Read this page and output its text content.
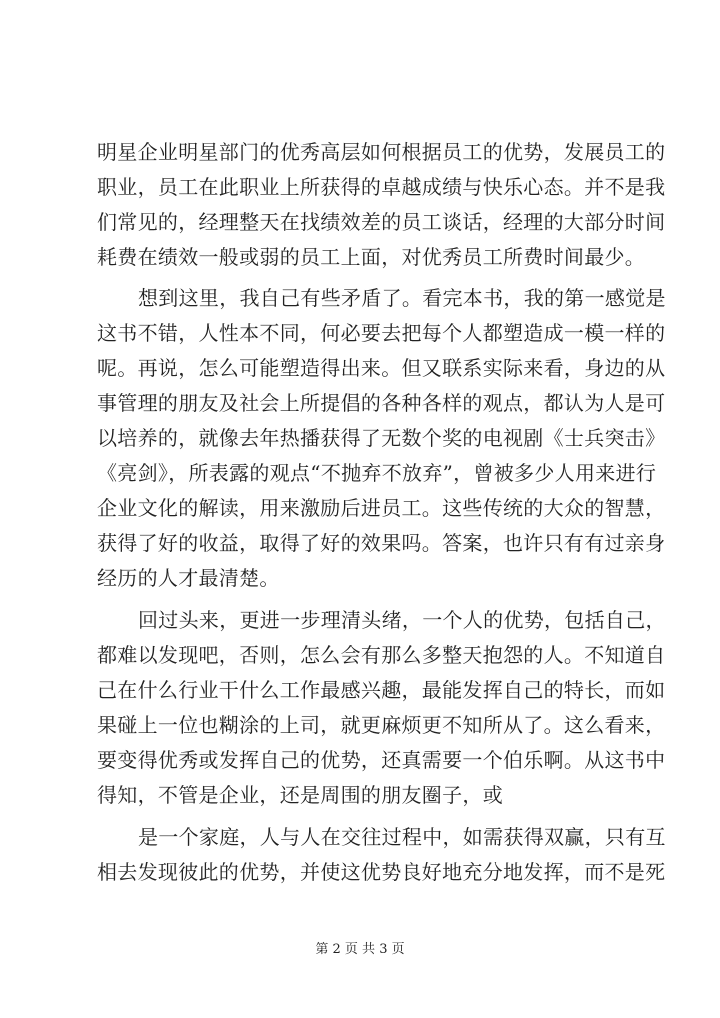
明星企业明星部门的优秀高层如何根据员工的优势，发展员工的
职业，员工在此职业上所获得的卓越成绩与快乐心态。并不是我
们常见的，经理整天在找绩效差的员工谈话，经理的大部分时间
耗费在绩效一般或弱的员工上面，对优秀员工所费时间最少。
想到这里，我自己有些矛盾了。看完本书，我的第一感觉是
这书不错，人性本不同，何必要去把每个人都塑造成一模一样的
呢。再说，怎么可能塑造得出来。但又联系实际来看，身边的从
事管理的朋友及社会上所提倡的各种各样的观点，都认为人是可
以培养的，就像去年热播获得了无数个奖的电视剧《士兵突击》
《亮剑》，所表露的观点“不抛弃不放弃”，曾被多少人用来进行
企业文化的解读，用来激励后进员工。这些传统的大众的智慧，
获得了好的收益，取得了好的效果吗。答案，也许只有有过亲身
经历的人才最清楚。
回过头来，更进一步理清头绪，一个人的优势，包括自己，
都难以发现吧，否则，怎么会有那么多整天抱怨的人。不知道自
己在什么行业干什么工作最感兴趣，最能发挥自己的特长，而如
果碰上一位也糊涂的上司，就更麻烦更不知所从了。这么看来，
要变得优秀或发挥自己的优势，还真需要一个伯乐啊。从这书中
得知，不管是企业，还是周围的朋友圈子，或
是一个家庭，人与人在交往过程中，如需获得双赢，只有互
相去发现彼此的优势，并使这优势良好地充分地发挥，而不是死
第 2 页 共 3 页
